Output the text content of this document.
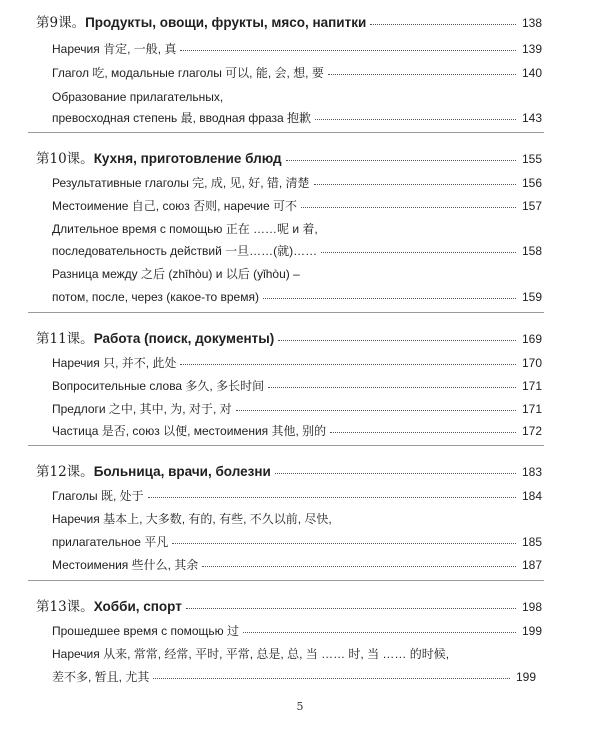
第9课。Продукты, овощи, фрукты, мясо, напитки	138
Наречия 肯定, 一般, 真	139
Глагол 吃, модальные глаголы 可以, 能, 会, 想, 要	140
Образование прилагательных,
превосходная степень 最, вводная фраза 抱歉	143
第10课。Кухня, приготовление блюд	155
Результативные глаголы 完, 成, 见, 好, 错, 清楚	156
Местоимение 自己, союз 否则, наречие 可不	157
Длительное время с помощью 正在 ……呢 и 着,
последовательность действий 一旦……(就)……	158
Разница между 之后 (zhīhòu) и 以后 (yǐhòu) –
потом, после, через (какое-то время)	159
第11课。Работа (поиск, документы)	169
Наречия 只, 并不, 此处	170
Вопросительные слова 多久, 多长时间	171
Предлоги 之中, 其中, 为, 对于, 对	171
Частица 是否, союз 以便, местоимения 其他, 别的	172
第12课。Больница, врачи, болезни	183
Глаголы 既, 处于	184
Наречия 基本上, 大多数, 有的, 有些, 不久以前, 尽快,
прилагательное 平凡	185
Местоимения 些什么, 其余	187
第13课。Хобби, спорт	198
Прошедшее время с помощью 过	199
Наречия 从来, 常常, 经常, 平时, 平常, 总是, 总, 当 …… 时, 当 …… 的时候,
差不多, 暂且, 尤其	199
5
